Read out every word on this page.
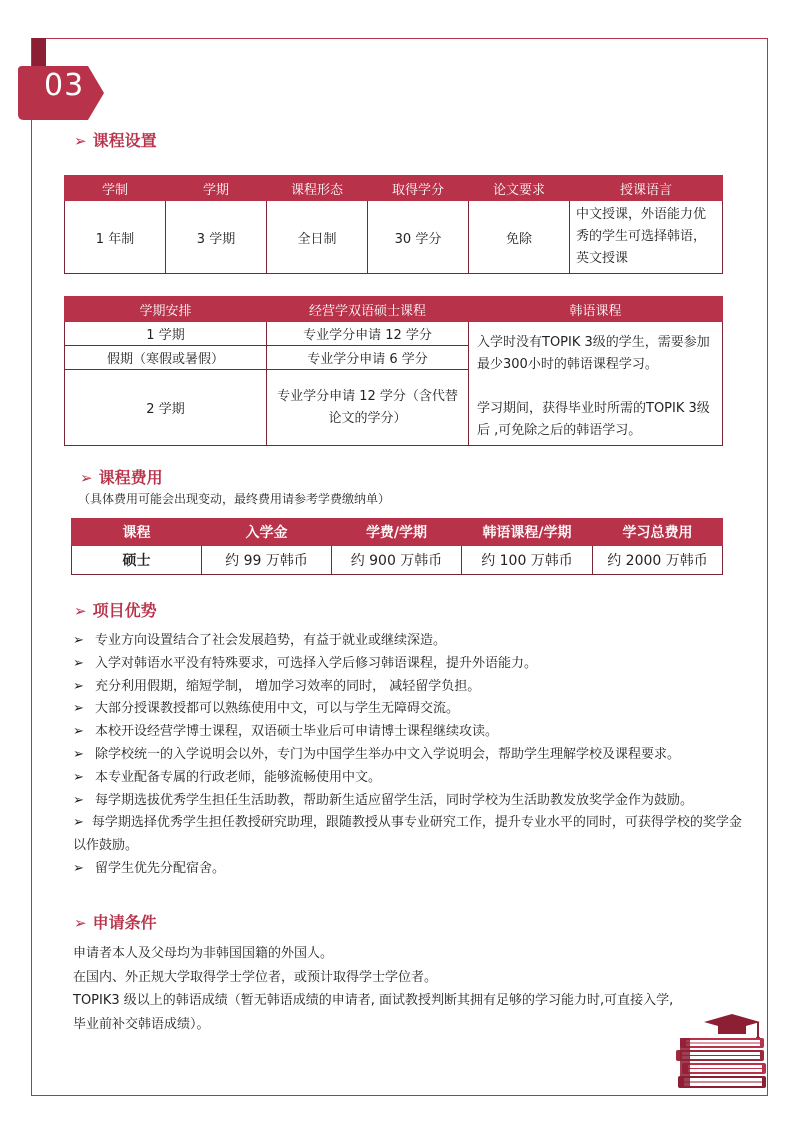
03
➢ 课程设置
学制	学期	课程形态	取得学分	论文要求	授课语言
1 年制	3 学期	全日制	30 学分	免除	中文授课，外语能力优秀的学生可选择韩语，英文授课
学期安排	经营学双语硕士课程	韩语课程
1 学期	专业学分申请 12 学分	入学时没有TOPIK 3级的学生，需要参加最少300小时的韩语课程学习。
学习期间，获得毕业时所需的TOPIK 3级后 ,可免除之后的韩语学习。

假期（寒假或暑假）	专业学分申请 6 学分	
2 学期	专业学分申请 12 学分（含代替论文的学分）	
➢ 课程费用
（具体费用可能会出现变动，最终费用请参考学费缴纳单）
课程	入学金	学费/学期	韩语课程/学期	学习总费用
硕士	约 99 万韩币	约 900 万韩币	约 100 万韩币	约 2000 万韩币
➢ 项目优势
➢ 专业方向设置结合了社会发展趋势，有益于就业或继续深造。
➢ 入学对韩语水平没有特殊要求，可选择入学后修习韩语课程，提升外语能力。
➢ 充分利用假期，缩短学制， 增加学习效率的同时， 减轻留学负担。
➢ 大部分授课教授都可以熟练使用中文，可以与学生无障碍交流。
➢ 本校开设经营学博士课程，双语硕士毕业后可申请博士课程继续攻读。
➢ 除学校统一的入学说明会以外，专门为中国学生举办中文入学说明会，帮助学生理解学校及课程要求。
➢ 本专业配备专属的行政老师，能够流畅使用中文。
➢ 每学期选拔优秀学生担任生活助教，帮助新生适应留学生活，同时学校为生活助教发放奖学金作为鼓励。
➢ 每学期选择优秀学生担任教授研究助理，跟随教授从事专业研究工作，提升专业水平的同时，可获得学校的奖学金以作鼓励。
➢ 留学生优先分配宿舍。
➢ 申请条件

申请者本人及父母均为非韩国国籍的外国人。

在国内、外正规大学取得学士学位者，或预计取得学士学位者。

TOPIK3 级以上的韩语成绩（暂无韩语成绩的申请者, 面试教授判断其拥有足够的学习能力时,可直接入学,

毕业前补交韩语成绩）。
